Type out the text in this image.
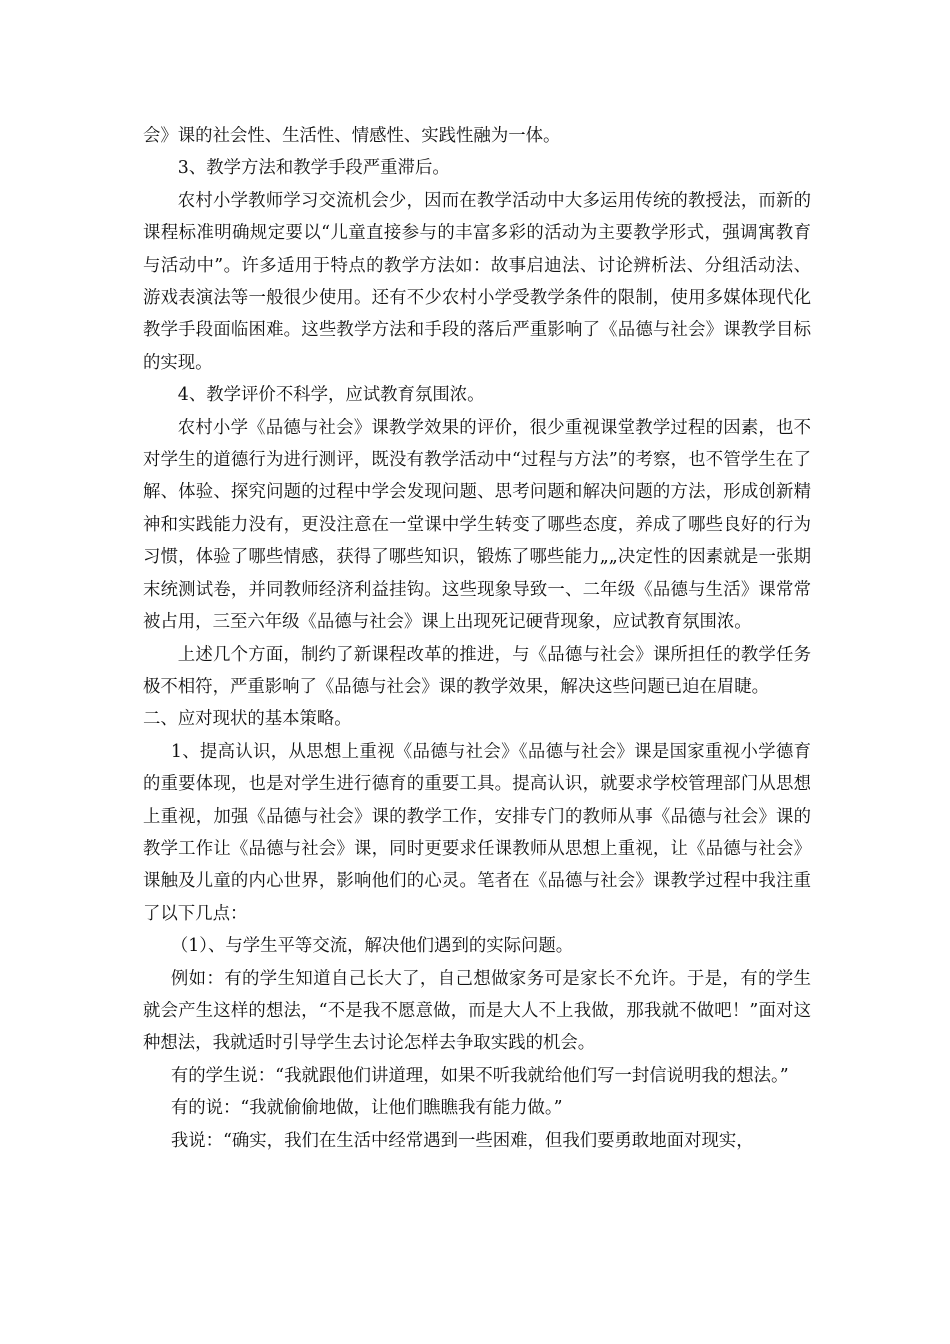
会》课的社会性、生活性、情感性、实践性融为一体。

3、教学方法和教学手段严重滞后。

农村小学教师学习交流机会少，因而在教学活动中大多运用传统的教授法，而新的课程标准明确规定要以“儿童直接参与的丰富多彩的活动为主要教学形式，强调寓教育与活动中”。许多适用于特点的教学方法如：故事启迪法、讨论辨析法、分组活动法、游戏表演法等一般很少使用。还有不少农村小学受教学条件的限制，使用多媒体现代化教学手段面临困难。这些教学方法和手段的落后严重影响了《品德与社会》课教学目标的实现。

4、教学评价不科学，应试教育氛围浓。

农村小学《品德与社会》课教学效果的评价，很少重视课堂教学过程的因素，也不对学生的道德行为进行测评，既没有教学活动中“过程与方法”的考察，也不管学生在了解、体验、探究问题的过程中学会发现问题、思考问题和解决问题的方法，形成创新精神和实践能力没有，更没注意在一堂课中学生转变了哪些态度，养成了哪些良好的行为习惯，体验了哪些情感，获得了哪些知识，锻炼了哪些能力„„决定性的因素就是一张期末统测试卷，并同教师经济利益挂钩。这些现象导致一、二年级《品德与生活》课常常被占用，三至六年级《品德与社会》课上出现死记硬背现象，应试教育氛围浓。

上述几个方面，制约了新课程改革的推进，与《品德与社会》课所担任的教学任务极不相符，严重影响了《品德与社会》课的教学效果，解决这些问题已迫在眉睫。

二、应对现状的基本策略。

1、提高认识，从思想上重视《品德与社会》《品德与社会》课是国家重视小学德育的重要体现，也是对学生进行德育的重要工具。提高认识，就要求学校管理部门从思想上重视，加强《品德与社会》课的教学工作，安排专门的教师从事《品德与社会》课的教学工作让《品德与社会》课，同时更要求任课教师从思想上重视，让《品德与社会》课触及儿童的内心世界，影响他们的心灵。笔者在《品德与社会》课教学过程中我注重了以下几点：

（1）、与学生平等交流，解决他们遇到的实际问题。

例如：有的学生知道自己长大了，自己想做家务可是家长不允许。于是，有的学生就会产生这样的想法，“不是我不愿意做，而是大人不上我做，那我就不做吧！”面对这种想法，我就适时引导学生去讨论怎样去争取实践的机会。

有的学生说：“我就跟他们讲道理，如果不听我就给他们写一封信说明我的想法。”

有的说：“我就偷偷地做，让他们瞧瞧我有能力做。”

我说：“确实，我们在生活中经常遇到一些困难，但我们要勇敢地面对现实，
